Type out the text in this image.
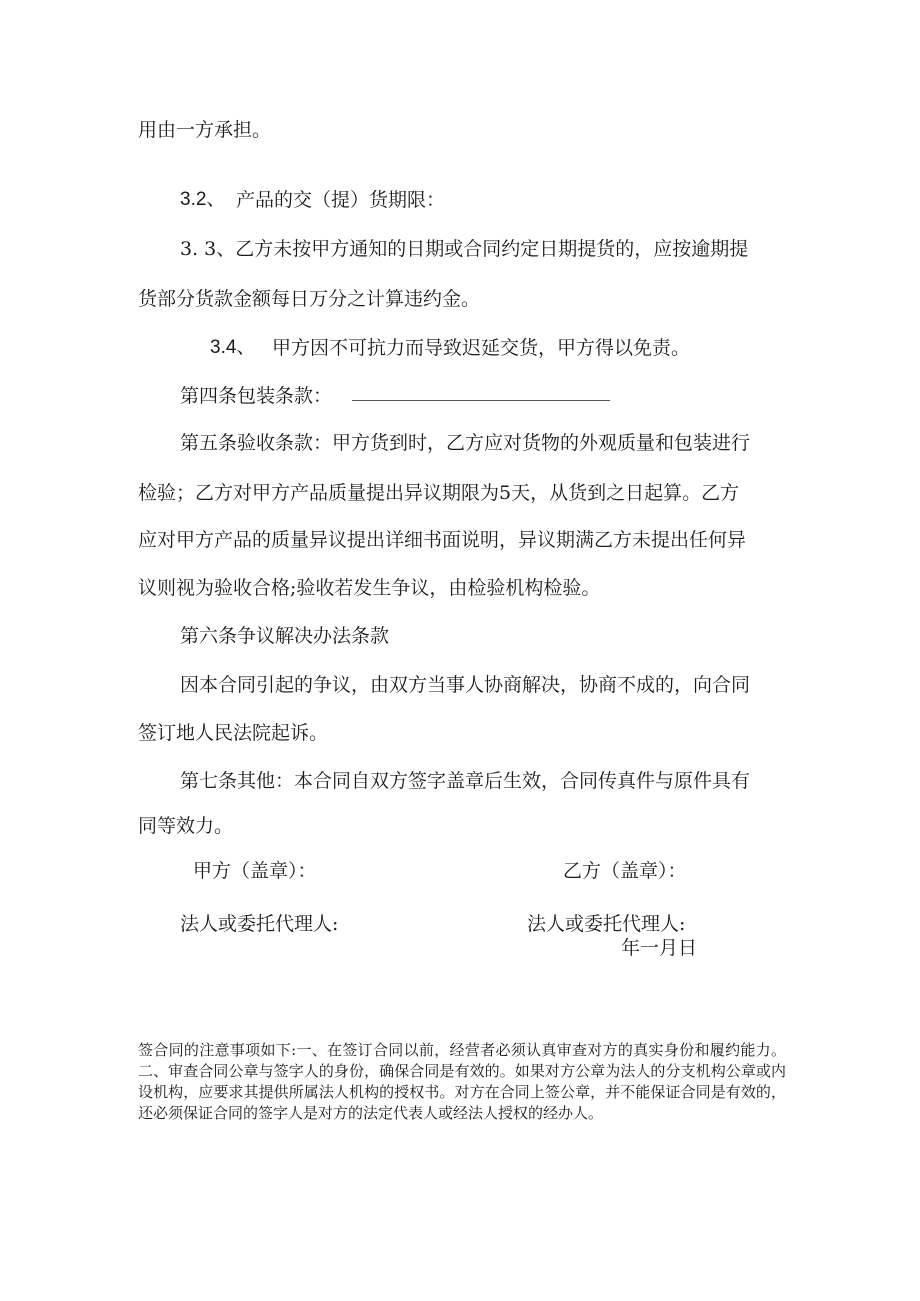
用由一方承担。

3.2、 产品的交（提）货期限：

3. 3、乙方未按甲方通知的日期或合同约定日期提货的，应按逾期提

货部分货款金额每日万分之计算违约金。

3.4、 甲方因不可抗力而导致迟延交货，甲方得以免责。

第四条包装条款：

第五条验收条款：甲方货到时，乙方应对货物的外观质量和包装进行

检验；乙方对甲方产品质量提出异议期限为5天，从货到之日起算。乙方

应对甲方产品的质量异议提出详细书面说明，异议期满乙方未提出任何异

议则视为验收合格;验收若发生争议，由检验机构检验。

第六条争议解决办法条款

因本合同引起的争议，由双方当事人协商解决，协商不成的，向合同

签订地人民法院起诉。

第七条其他：本合同自双方签字盖章后生效，合同传真件与原件具有

同等效力。

甲方（盖章）：	乙方（盖章）：

法人或委托代理人:	法人或委托代理人:

年一月日

签合同的注意事项如下:一、在签订合同以前，经营者必须认真审查对方的真实身份和履约能力。二、审查合同公章与签字人的身份，确保合同是有效的。如果对方公章为法人的分支机构公章或内设机构，应要求其提供所属法人机构的授权书。对方在合同上签公章，并不能保证合同是有效的，还必须保证合同的签字人是对方的法定代表人或经法人授权的经办人。
